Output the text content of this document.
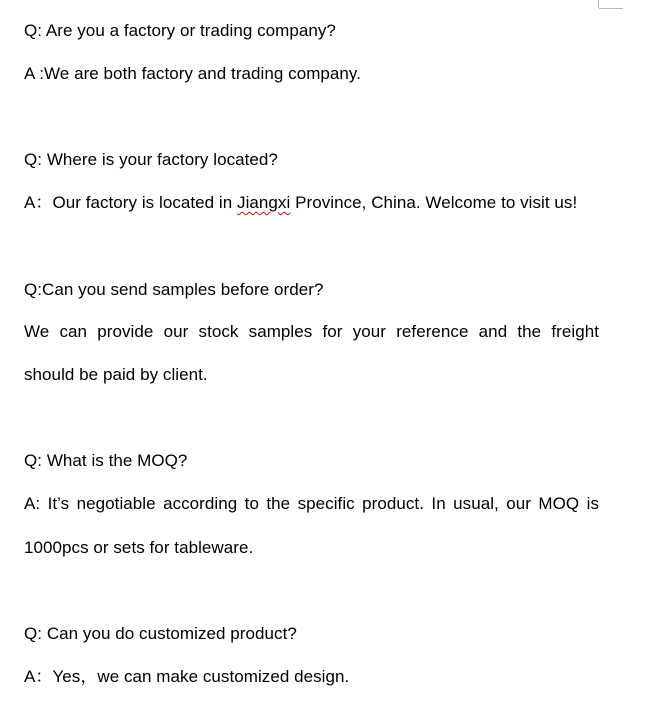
Q: Are you a factory or trading company?
A :We are both factory and trading company.
Q: Where is your factory located?
A：Our factory is located in Jiangxi Province, China. Welcome to visit us!
Q:Can you send samples before order?
We can provide our stock samples for your reference and the freight
should be paid by client.
Q: What is the MOQ?
A: It’s negotiable according to the specific product. In usual, our MOQ is
1000pcs or sets for tableware.
Q: Can you do customized product?
A：Yes，we can make customized design.
